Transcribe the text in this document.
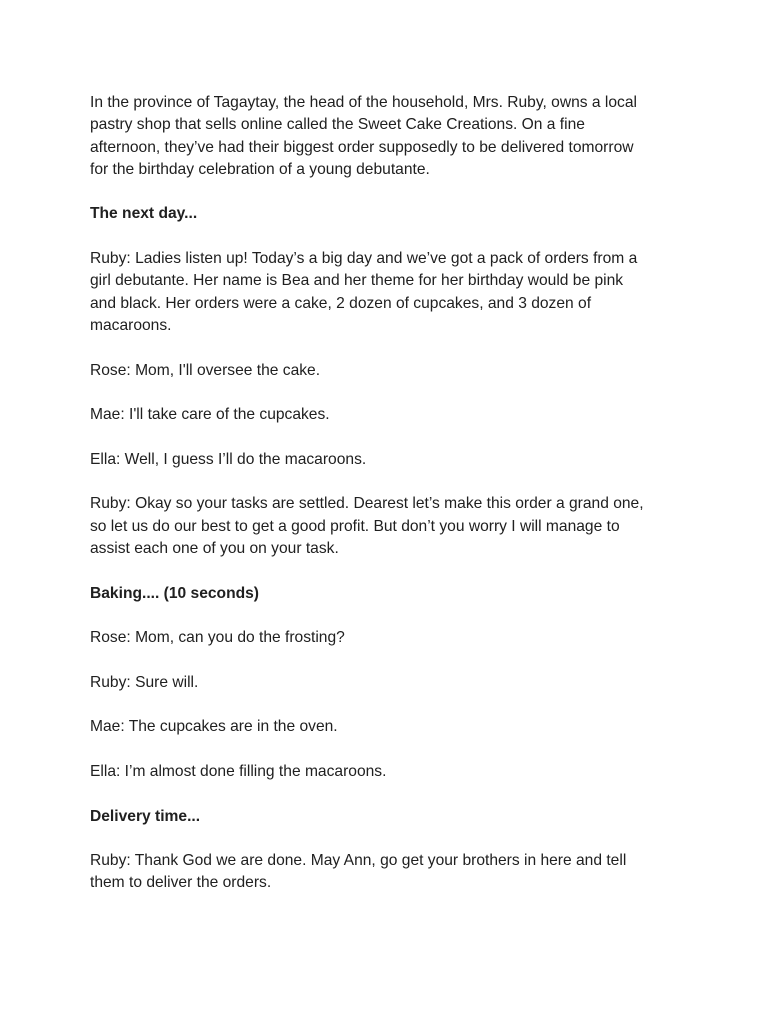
In the province of Tagaytay, the head of the household, Mrs. Ruby, owns a local
pastry shop that sells online called the Sweet Cake Creations. On a fine
afternoon, they’ve had their biggest order supposedly to be delivered tomorrow
for the birthday celebration of a young debutante.

The next day...

Ruby: Ladies listen up! Today’s a big day and we’ve got a pack of orders from a
girl debutante. Her name is Bea and her theme for her birthday would be pink
and black. Her orders were a cake, 2 dozen of cupcakes, and 3 dozen of
macaroons.

Rose: Mom, I'll oversee the cake.

Mae: I'll take care of the cupcakes.

Ella: Well, I guess I’ll do the macaroons.

Ruby: Okay so your tasks are settled. Dearest let’s make this order a grand one,
so let us do our best to get a good profit. But don’t you worry I will manage to
assist each one of you on your task.

Baking.... (10 seconds)

Rose: Mom, can you do the frosting?

Ruby: Sure will.

Mae: The cupcakes are in the oven.

Ella: I’m almost done filling the macaroons.

Delivery time...

Ruby: Thank God we are done. May Ann, go get your brothers in here and tell
them to deliver the orders.
